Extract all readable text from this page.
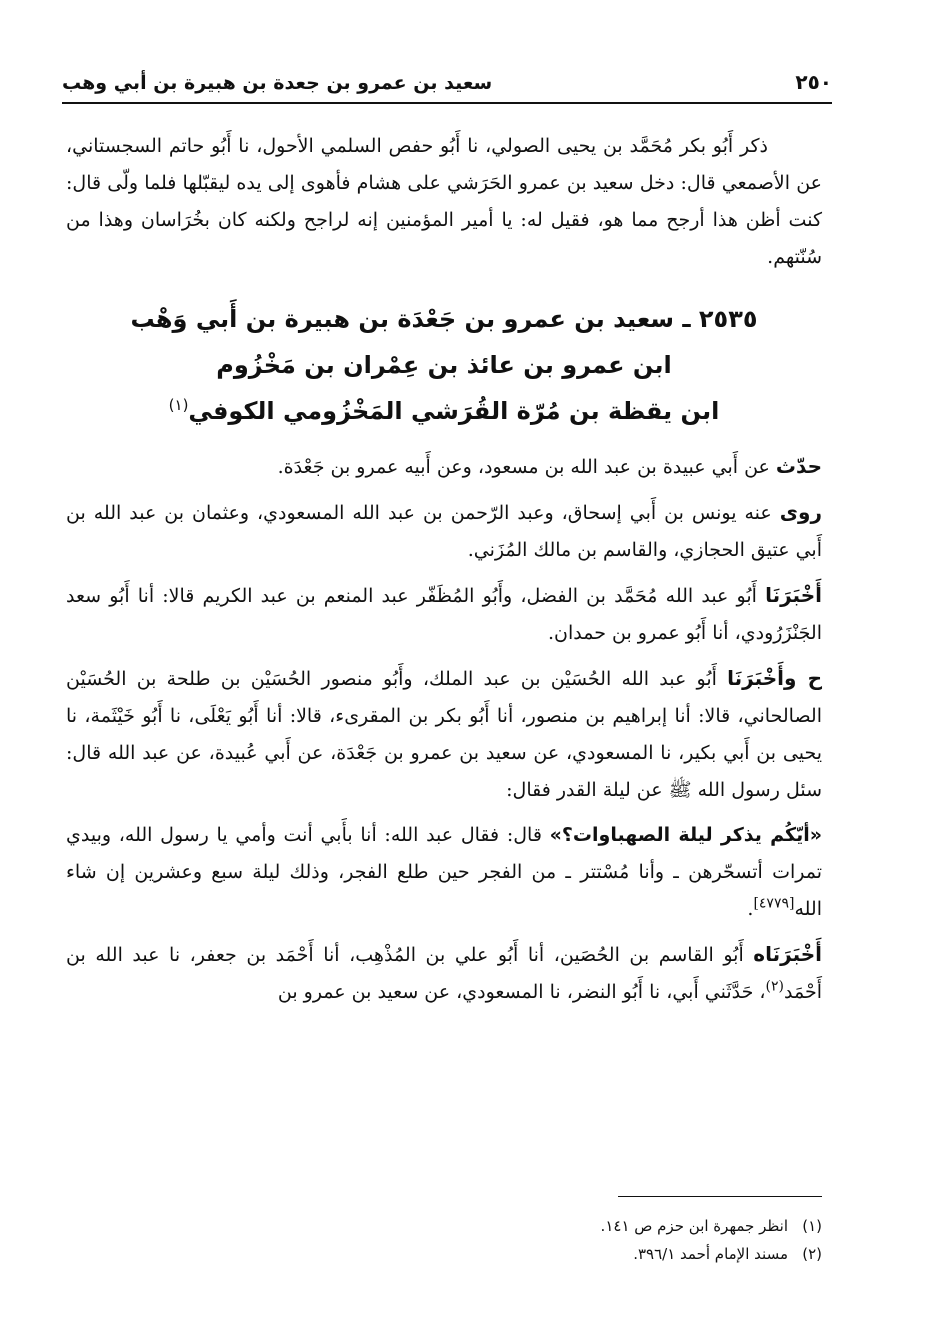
٢٥٠
سعيد بن عمرو بن جعدة بن هبيرة بن أبي وهب

ذكر أَبُو بكر مُحَمَّد بن يحيى الصولي، نا أَبُو حفص السلمي الأحول، نا أَبُو حاتم السجستاني، عن الأصمعي قال: دخل سعيد بن عمرو الحَرَشي على هشام فأهوى إلى يده ليقبّلها فلما ولّى قال: كنت أظن هذا أرجح مما هو، فقيل له: يا أمير المؤمنين إنه لراجح ولكنه كان بخُرَاسان وهذا من سُنّتهم.

٢٥٣٥ ـ سعيد بن عمرو بن جَعْدَة بن هبيرة بن أَبي وَهْب
ابن عمرو بن عائذ بن عِمْران بن مَخْزُوم
ابن يقظة بن مُرّة القُرَشي المَخْزُومي الكوفي$^{(١)}$

حدّث عن أَبي عبيدة بن عبد الله بن مسعود، وعن أَبيه عمرو بن جَعْدَة.

روى عنه يونس بن أَبي إسحاق، وعبد الرّحمن بن عبد الله المسعودي، وعثمان بن عبد الله بن أَبي عتيق الحجازي، والقاسم بن مالك المُزَني.

أَخْبَرَنَا أَبُو عبد الله مُحَمَّد بن الفضل، وأَبُو المُظَفّر عبد المنعم بن عبد الكريم قالا: أنا أَبُو سعد الجَنْزَرُودي، أنا أَبُو عمرو بن حمدان.

ح وأَخْبَرَنَا أَبُو عبد الله الحُسَيْن بن عبد الملك، وأَبُو منصور الحُسَيْن بن طلحة بن الحُسَيْن الصالحاني، قالا: أنا إبراهيم بن منصور، أنا أَبُو بكر بن المقرىء، قالا: أنا أَبُو يَعْلَى، نا أَبُو خَيْثَمة، نا يحيى بن أَبي بكير، نا المسعودي، عن سعيد بن عمرو بن جَعْدَة، عن أَبي عُبيدة، عن عبد الله قال: سئل رسول الله ﷺ عن ليلة القدر فقال:

«أيّكُم يذكر ليلة الصهباوات؟» قال: فقال عبد الله: أنا بأَبي أنت وأمي يا رسول الله، وبيدي تمرات أتسحّرهن ـ وأنا مُسْتتر ـ من الفجر حين طلع الفجر، وذلك ليلة سبع وعشرين إن شاء الله[٤٧٧٩].

أَخْبَرَنَاه أَبُو القاسم بن الحُصَين، أنا أَبُو علي بن المُذْهِب، أنا أَحْمَد بن جعفر، نا عبد الله بن أَحْمَد$^{(٢)}$، حَدَّثَني أَبي، نا أَبُو النضر، نا المسعودي، عن سعيد بن عمرو بن

(١)انظر جمهرة ابن حزم ص ١٤١.
(٢)مسند الإمام أحمد ٣٩٦/١.
